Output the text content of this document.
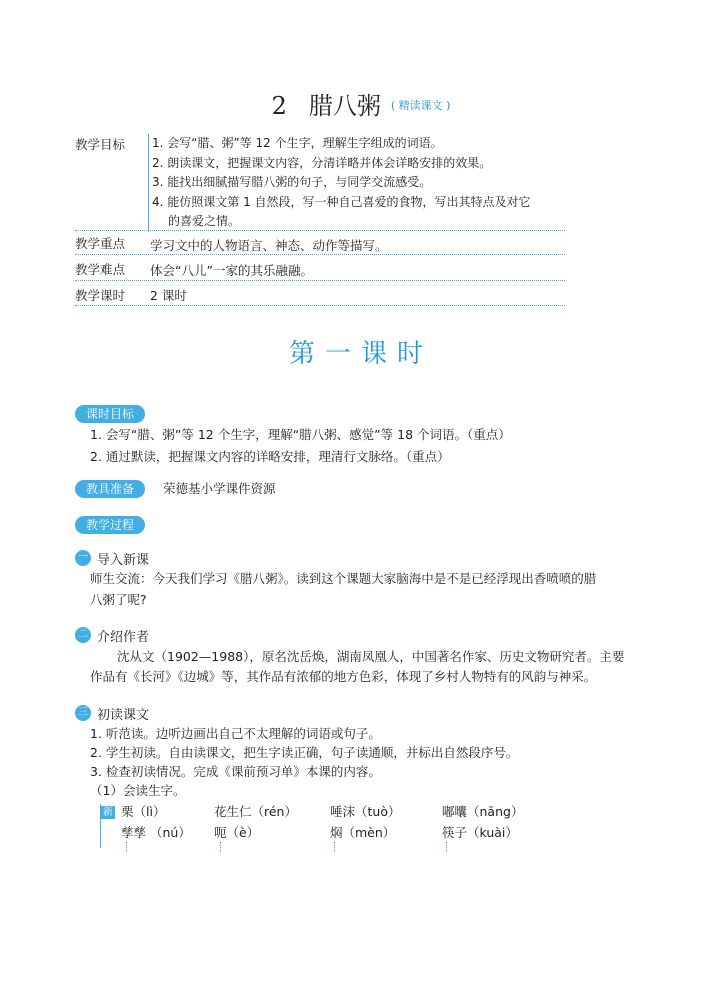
2 腊八粥 $^{( 精读课文 )}$
教学目标 1. 会写“腊、粥”等 12 个生字，理解生字组成的词语。
2. 朗读课文，把握课文内容，分清详略并体会详略安排的效果。
3. 能找出细腻描写腊八粥的句子，与同学交流感受。
4. 能仿照课文第 1 自然段，写一种自己喜爱的食物，写出其特点及对它
的喜爱之情。
教学重点 学习文中的人物语言、神态、动作等描写。
教学难点 体会“八儿”一家的其乐融融。
教学课时 2 课时
第一课时
课时目标
1. 会写“腊、粥”等 12 个生字，理解“腊八粥、感觉”等 18 个词语。（重点）
2. 通过默读，把握课文内容的详略安排，理清行文脉络。（重点）
教具准备	荣德基小学课件资源
教学过程
一 导入新课
师生交流：今天我们学习《腊八粥》。读到这个课题大家脑海中是不是已经浮现出香喷喷的腊
八粥了呢?
二 介绍作者
沈从文（1902—1988），原名沈岳焕，湖南凤凰人，中国著名作家、历史文物研究者。主要
作品有《长河》《边城》等，其作品有浓郁的地方色彩，体现了乡村人物特有的风韵与神采。
三 初读课文
1. 听范读。边听边画出自己不太理解的词语或句子。
2. 学生初读。自由读课文，把生字读正确，句子读通顺，并标出自然段序号。
3. 检查初读情况。完成《课前预习单》本课的内容。
（1）会读生字。
新 栗（lì）	花生仁（rén）	唾沫（tuò）	嘟囔（nāng）
孳孳 （nú） 呃（è）	焖（mèn）	筷子（kuài）
